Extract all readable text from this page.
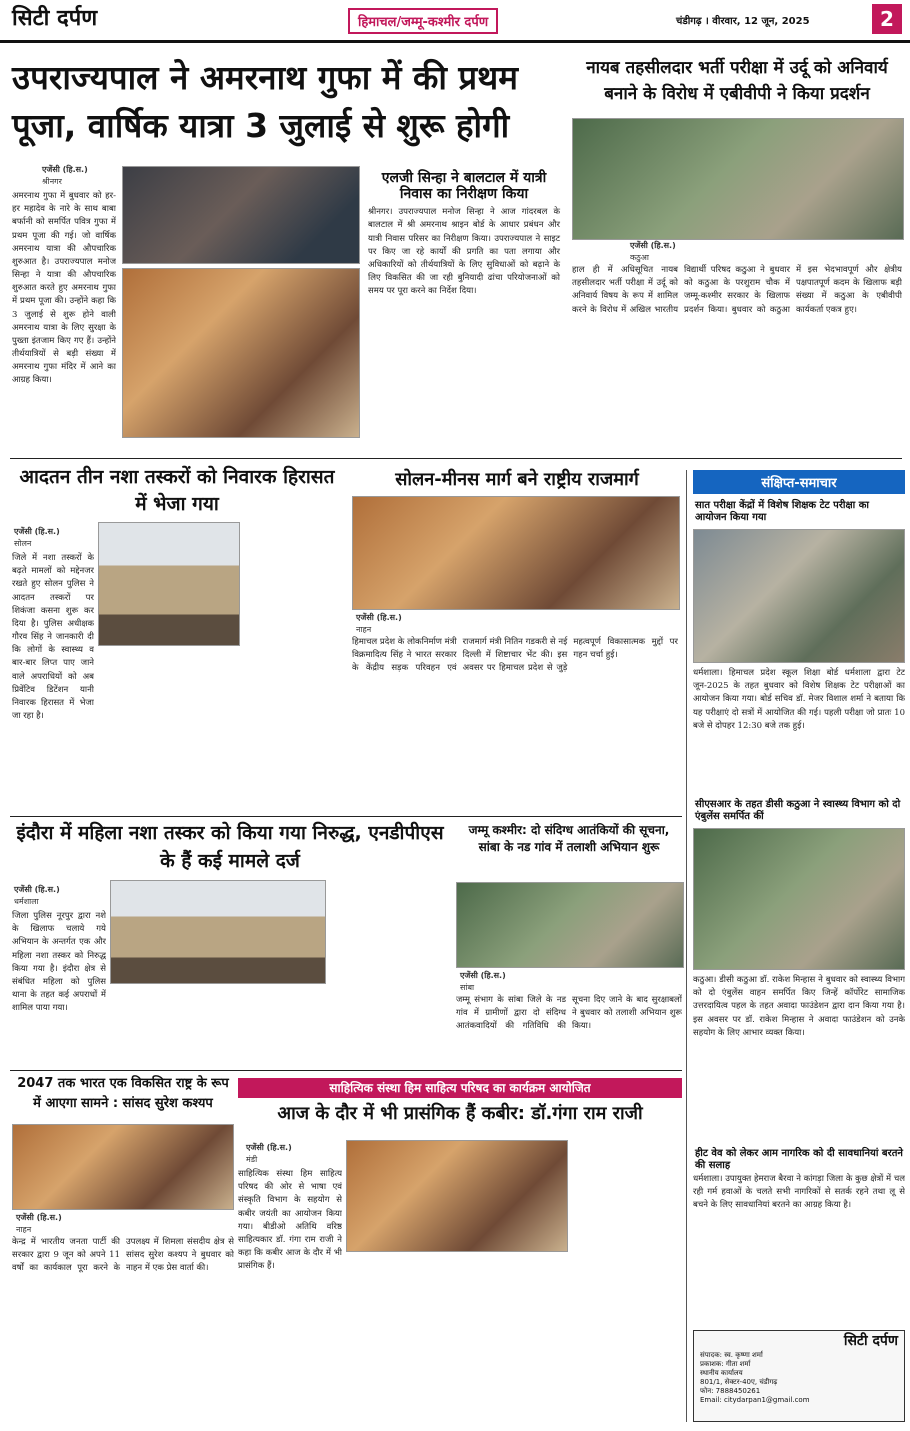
सिटी दर्पण	हिमाचल/जम्मू-कश्मीर दर्पण	चंडीगढ़ । वीरवार, 12 जून, 2025	2
उपराज्यपाल ने अमरनाथ गुफा में की प्रथम पूजा, वार्षिक यात्रा 3 जुलाई से शुरू होगी
एजेंसी (हि.स.)
श्रीनगर
अमरनाथ गुफा में बुधवार को हर-हर महादेव के नारे के साथ बाबा बर्फानी को समर्पित पवित्र गुफा में प्रथम पूजा की गई। जो वार्षिक अमरनाथ यात्रा की औपचारिक शुरुआत है। उपराज्यपाल मनोज सिन्हा ने यात्रा की औपचारिक शुरुआत करते हुए अमरनाथ गुफा में प्रथम पूजा की। उन्होंने कहा कि 3 जुलाई से शुरू होने वाली अमरनाथ यात्रा के लिए सुरक्षा के पुख्ता इंतजाम किए गए हैं। उन्होंने तीर्थयात्रियों से बड़ी संख्या में अमरनाथ गुफा मंदिर में आने का आग्रह किया।
एलजी सिन्हा ने बालटाल में यात्री निवास का निरीक्षण किया
श्रीनगर। उपराज्यपाल मनोज सिन्हा ने आज गांदरबल के बालटाल में श्री अमरनाथ श्राइन बोर्ड के आधार प्रबंधन और यात्री निवास परिसर का निरीक्षण किया। उपराज्यपाल ने साइट पर किए जा रहे कार्यों की प्रगति का पता लगाया और अधिकारियों को तीर्थयात्रियों के लिए सुविधाओं को बढ़ाने के लिए विकसित की जा रही बुनियादी ढांचा परियोजनाओं को समय पर पूरा करने का निर्देश दिया।
नायब तहसीलदार भर्ती परीक्षा में उर्दू को अनिवार्य बनाने के विरोध में एबीवीपी ने किया प्रदर्शन
एजेंसी (हि.स.)
कठुआ
हाल ही में अधिसूचित नायब तहसीलदार भर्ती परीक्षा में उर्दू को अनिवार्य विषय के रूप में शामिल करने के विरोध में अखिल भारतीय विद्यार्थी परिषद कठुआ ने बुधवार को कठुआ के परशुराम चौक में जम्मू-कश्मीर सरकार के खिलाफ प्रदर्शन किया। बुधवार को कठुआ में इस भेदभावपूर्ण और क्षेत्रीय पक्षपातपूर्ण कदम के खिलाफ बड़ी संख्या में कठुआ के एबीवीपी कार्यकर्ता एकत्र हुए।
आदतन तीन नशा तस्करों को निवारक हिरासत में भेजा गया
एजेंसी (हि.स.)
सोलन
जिले में नशा तस्करों के बढ़ते मामलों को मद्देनजर रखते हुए सोलन पुलिस ने आदतन तस्करों पर शिकंजा कसना शुरू कर दिया है। पुलिस अधीक्षक गौरव सिंह ने जानकारी दी कि लोगों के स्वास्थ्य व बार-बार लिप्त पाए जाने वाले अपराधियों को अब प्रिवेंटिव डिटेंशन यानी निवारक हिरासत में भेजा जा रहा है।
सोलन-मीनस मार्ग बने राष्ट्रीय राजमार्ग
एजेंसी (हि.स.)
नाहन
हिमाचल प्रदेश के लोकनिर्माण मंत्री विक्रमादित्य सिंह ने भारत सरकार के केंद्रीय सड़क परिवहन एवं राजमार्ग मंत्री नितिन गडकरी से नई दिल्ली में शिष्टाचार भेंट की। इस अवसर पर हिमाचल प्रदेश से जुड़े महत्वपूर्ण विकासात्मक मुद्दों पर गहन चर्चा हुई।
संक्षिप्त-समाचार
सात परीक्षा केंद्रों में विशेष शिक्षक टेट परीक्षा का आयोजन किया गया
धर्मशाला। हिमाचल प्रदेश स्कूल शिक्षा बोर्ड धर्मशाला द्वारा टेट जून-2025 के तहत बुधवार को विशेष शिक्षक टेट परीक्षाओं का आयोजन किया गया। बोर्ड सचिव डॉ. मेजर विशाल शर्मा ने बताया कि यह परीक्षाएं दो सत्रों में आयोजित की गई। पहली परीक्षा जो प्रातः 10 बजे से दोपहर 12:30 बजे तक हुई।
सीएसआर के तहत डीसी कठुआ ने स्वास्थ्य विभाग को दो एंबुलेंस समर्पित कीं
कठुआ। डीसी कठुआ डॉ. राकेश मिन्हास ने बुधवार को स्वास्थ्य विभाग को दो एंबुलेंस वाहन समर्पित किए जिन्हें कॉर्पोरेट सामाजिक उत्तरदायित्व पहल के तहत अवादा फाउंडेशन द्वारा दान किया गया है। इस अवसर पर डॉ. राकेश मिन्हास ने अवादा फाउंडेशन को उनके सहयोग के लिए आभार व्यक्त किया।
हीट वेव को लेकर आम नागरिक को दी सावधानियां बरतने की सलाह
धर्मशाला। उपायुक्त हेमराज बैरवा ने कांगड़ा जिला के कुछ क्षेत्रों में चल रही गर्म हवाओं के चलते सभी नागरिकों से सतर्क रहने तथा लू से बचने के लिए सावधानियां बरतने का आग्रह किया है।
सिटी दर्पण
संपादक: स्व. कृष्णा शर्मा
प्रकाशक: गीता शर्मा
स्थानीय कार्यालय
801/1, सेक्टर-40ए, चंडीगढ़
फोन: 7888450261
Email: citydarpan1@gmail.com
इंदौरा में महिला नशा तस्कर को किया गया निरुद्ध, एनडीपीएस के हैं कई मामले दर्ज
एजेंसी (हि.स.)
धर्मशाला
जिला पुलिस नूरपुर द्वारा नशे के खिलाफ चलाये गये अभियान के अन्तर्गत एक और महिला नशा तस्कर को निरुद्ध किया गया है। इंदौरा क्षेत्र से संबंधित महिला को पुलिस थाना के तहत कई अपराधों में शामिल पाया गया।
जम्मू कश्मीर: दो संदिग्ध आतंकियों की सूचना, सांबा के नड गांव में तलाशी अभियान शुरू
एजेंसी (हि.स.)
सांबा
जम्मू संभाग के सांबा जिले के नड गांव में ग्रामीणों द्वारा दो संदिग्ध आतंकवादियों की गतिविधि की सूचना दिए जाने के बाद सुरक्षाबलों ने बुधवार को तलाशी अभियान शुरू किया।
2047 तक भारत एक विकसित राष्ट्र के रूप में आएगा सामने : सांसद सुरेश कश्यप
एजेंसी (हि.स.)
नाहन
केन्द्र में भारतीय जनता पार्टी की सरकार द्वारा 9 जून को अपने 11 वर्षों का कार्यकाल पूरा करने के उपलक्ष्य में शिमला संसदीय क्षेत्र से सांसद सुरेश कश्यप ने बुधवार को नाहन में एक प्रेस वार्ता की।
साहित्यिक संस्था हिम साहित्य परिषद का कार्यक्रम आयोजित
आज के दौर में भी प्रासंगिक हैं कबीर: डॉ.गंगा राम राजी
एजेंसी (हि.स.)
मंडी
साहित्यिक संस्था हिम साहित्य परिषद की ओर से भाषा एवं संस्कृति विभाग के सहयोग से कबीर जयंती का आयोजन किया गया। बीडीओ अतिथि वरिष्ठ साहित्यकार डॉ. गंगा राम राजी ने कहा कि कबीर आज के दौर में भी प्रासंगिक हैं।
